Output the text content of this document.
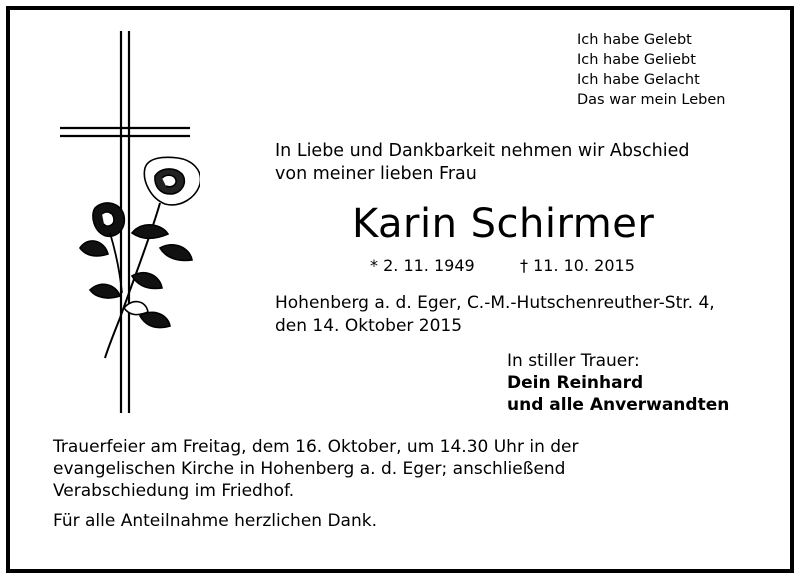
Ich habe Gelebt
Ich habe Geliebt
Ich habe Gelacht
Das war mein Leben
In Liebe und Dankbarkeit nehmen wir Abschied
von meiner lieben Frau
Karin Schirmer
* 2. 11. 1949	† 11. 10. 2015
Hohenberg a. d. Eger, C.-M.-Hutschenreuther-Str. 4,
den 14. Oktober 2015
In stiller Trauer:
Dein Reinhard
und alle Anverwandten
Trauerfeier am Freitag, dem 16. Oktober, um 14.30 Uhr in der
evangelischen Kirche in Hohenberg a. d. Eger; anschließend
Verabschiedung im Friedhof.
Für alle Anteilnahme herzlichen Dank.
